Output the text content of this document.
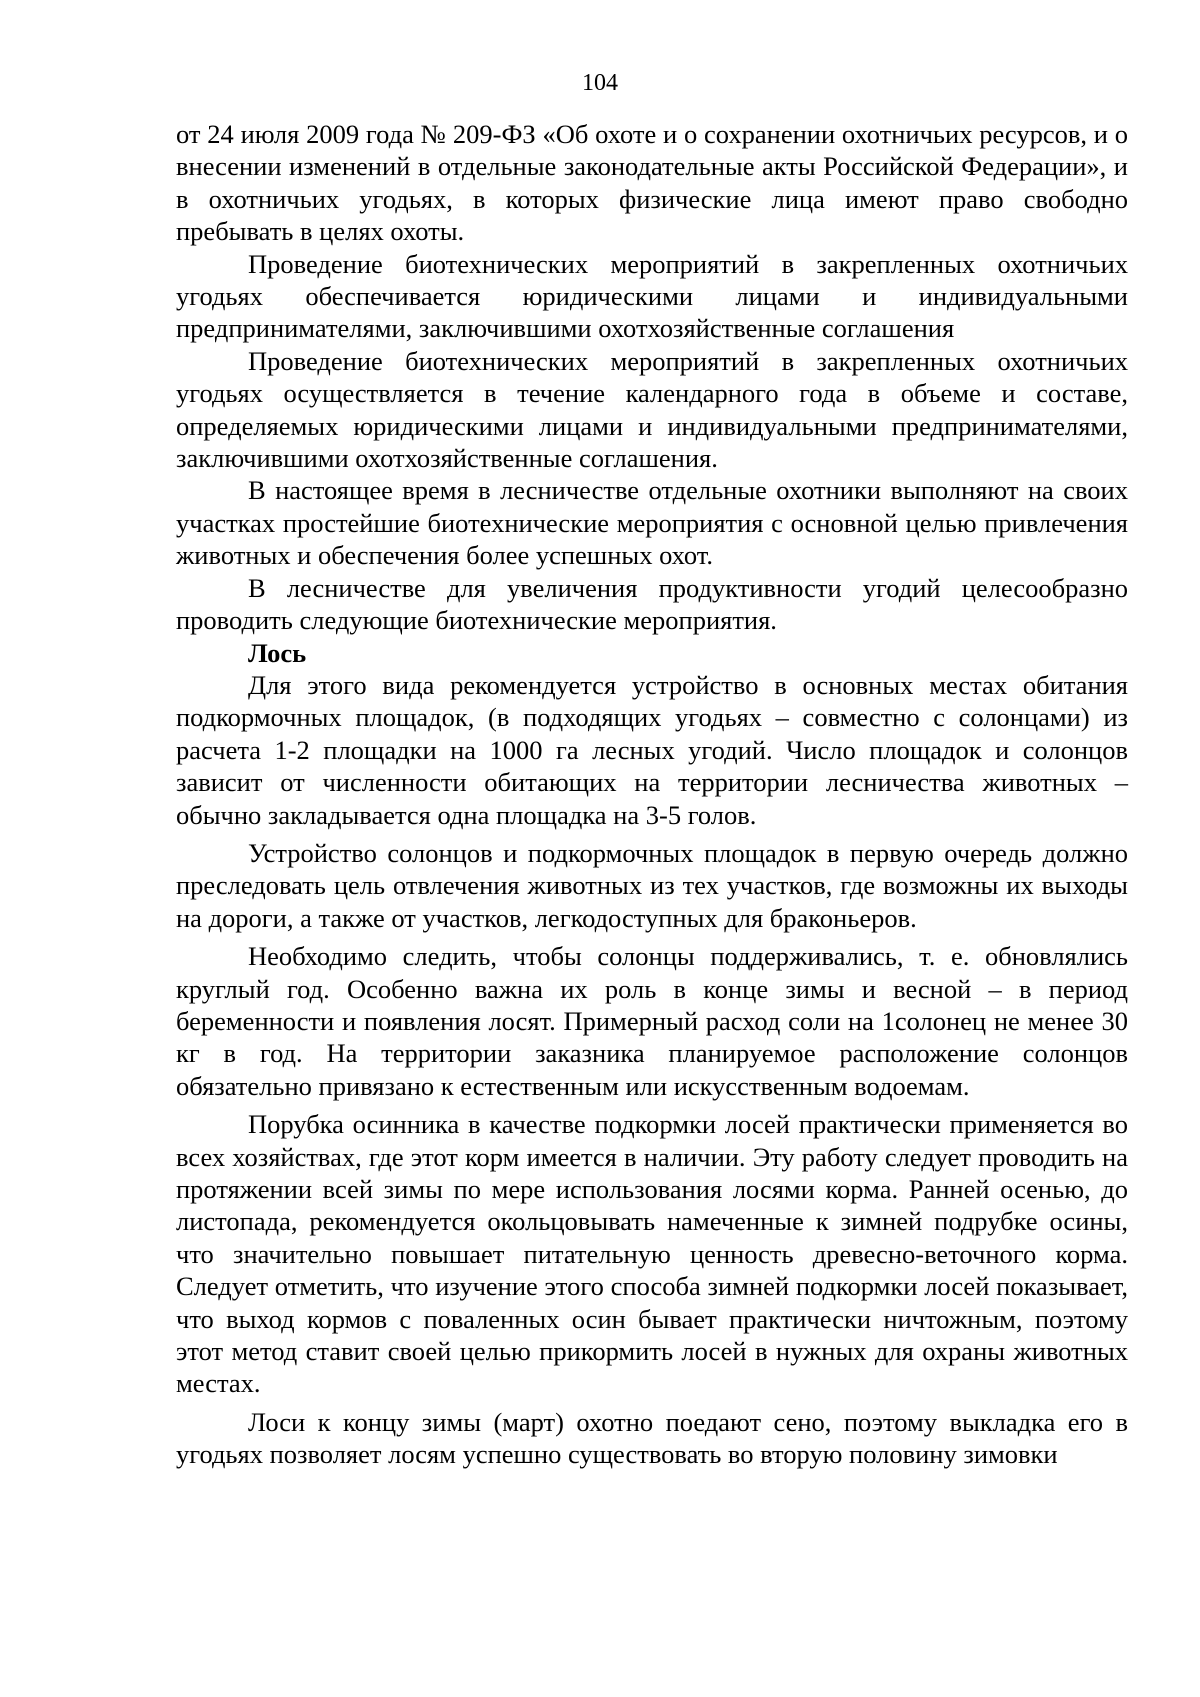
104

от 24 июля 2009 года № 209-ФЗ «Об охоте и о сохранении охотничьих ресурсов, и о внесении изменений в отдельные законодательные акты Российской Федерации», и в охотничьих угодьях, в которых физические лица имеют право свободно пребывать в целях охоты.

Проведение биотехнических мероприятий в закрепленных охотничьих угодьях обеспечивается юридическими лицами и индивидуальными предпринимателями, заключившими охотхозяйственные соглашения

Проведение биотехнических мероприятий в закрепленных охотничьих угодьях осуществляется в течение календарного года в объеме и составе, определяемых юридическими лицами и индивидуальными предпринимателями, заключившими охотхозяйственные соглашения.

В настоящее время в лесничестве отдельные охотники выполняют на своих участках простейшие биотехнические мероприятия с основной целью привлечения животных и обеспечения более успешных охот.

В лесничестве для увеличения продуктивности угодий целесообразно проводить следующие биотехнические мероприятия.

Лось

Для этого вида рекомендуется устройство в основных местах обитания подкормочных площадок, (в подходящих угодьях – совместно с солонцами) из расчета 1-2 площадки на 1000 га лесных угодий. Число площадок и солонцов зависит от численности обитающих на территории лесничества животных – обычно закладывается одна площадка на 3-5 голов.

Устройство солонцов и подкормочных площадок в первую очередь должно преследовать цель отвлечения животных из тех участков, где возможны их выходы на дороги, а также от участков, легкодоступных для браконьеров.

Необходимо следить, чтобы солонцы поддерживались, т. е. обновлялись круглый год. Особенно важна их роль в конце зимы и весной – в период беременности и появления лосят. Примерный расход соли на 1солонец не менее 30 кг в год. На территории заказника планируемое расположение солонцов обязательно привязано к естественным или искусственным водоемам.

Порубка осинника в качестве подкормки лосей практически применяется во всех хозяйствах, где этот корм имеется в наличии. Эту работу следует проводить на протяжении всей зимы по мере использования лосями корма. Ранней осенью, до листопада, рекомендуется окольцовывать намеченные к зимней подрубке осины, что значительно повышает питательную ценность древесно-веточного корма. Следует отметить, что изучение этого способа зимней подкормки лосей показывает, что выход кормов с поваленных осин бывает практически ничтожным, поэтому этот метод ставит своей целью прикормить лосей в нужных для охраны животных местах.

Лоси к концу зимы (март) охотно поедают сено, поэтому выкладка его в угодьях позволяет лосям успешно существовать во вторую половину зимовки
